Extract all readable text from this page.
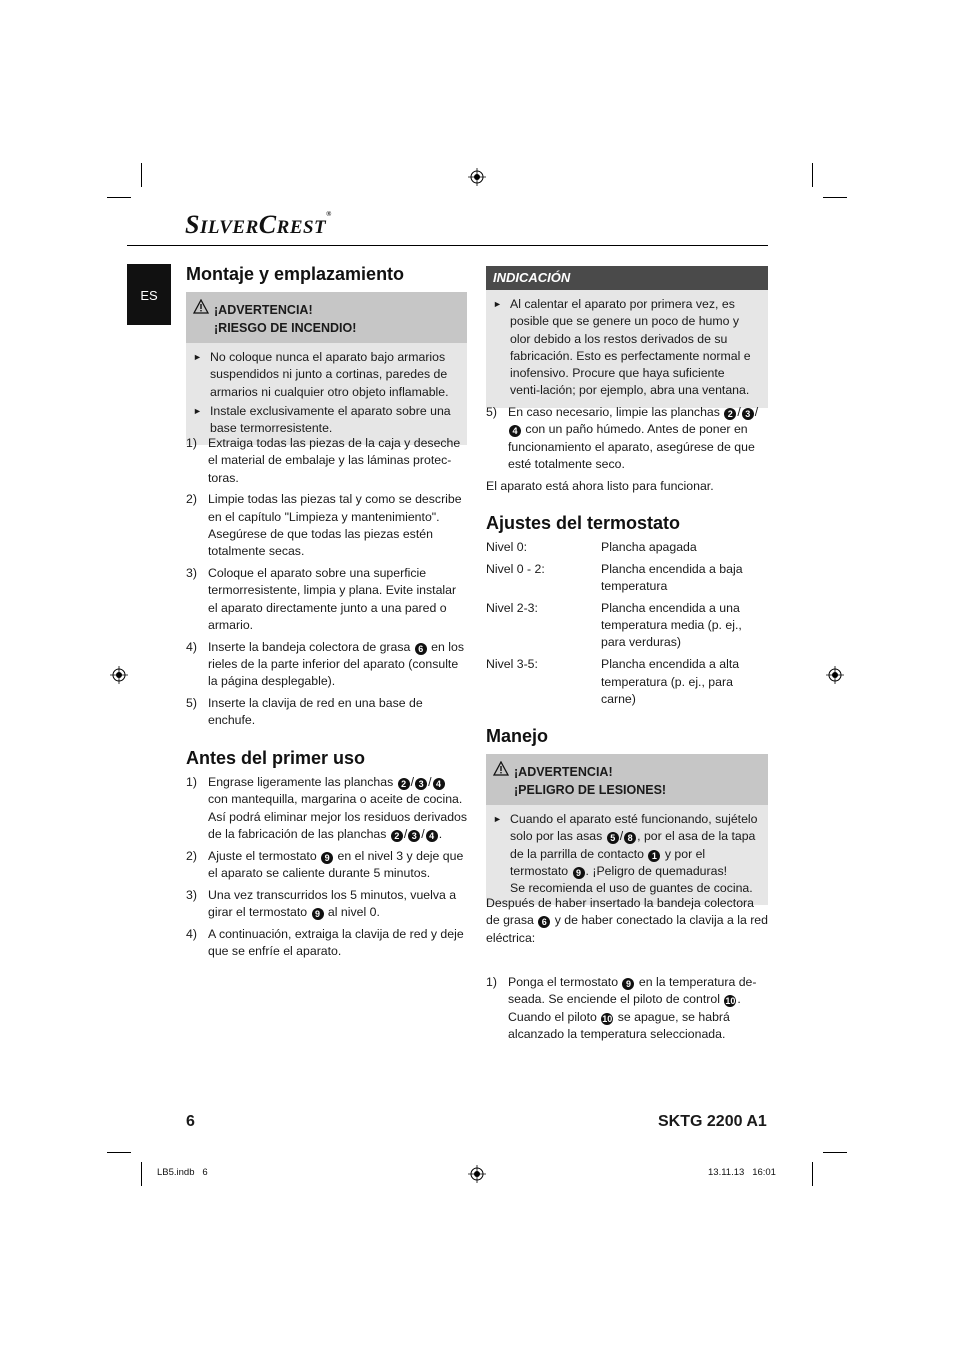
SILVERCREST®
ES
Montaje y emplazamiento
¡ADVERTENCIA!
¡RIESGO DE INCENDIO!
► No coloque nunca el aparato bajo armarios suspendidos ni junto a cortinas, paredes de armarios ni cualquier otro objeto inflamable.
► Instale exclusivamente el aparato sobre una base termorresistente.
1) Extraiga todas las piezas de la caja y deseche el material de embalaje y las láminas protec-toras.
2) Limpie todas las piezas tal y como se describe en el capítulo "Limpieza y mantenimiento". Asegúrese de que todas las piezas estén totalmente secas.
3) Coloque el aparato sobre una superficie termorresistente, limpia y plana. Evite instalar el aparato directamente junto a una pared o armario.
4) Inserte la bandeja colectora de grasa 6 en los rieles de la parte inferior del aparato (consulte la página desplegable).
5) Inserte la clavija de red en una base de enchufe.
Antes del primer uso
1) Engrase ligeramente las planchas 2 / 3 / 4 con mantequilla, margarina o aceite de cocina. Así podrá eliminar mejor los residuos derivados de la fabricación de las planchas 2 / 3 / 4 .
2) Ajuste el termostato 9 en el nivel 3 y deje que el aparato se caliente durante 5 minutos.
3) Una vez transcurridos los 5 minutos, vuelva a girar el termostato 9 al nivel 0.
4) A continuación, extraiga la clavija de red y deje que se enfríe el aparato.
INDICACIÓN
► Al calentar el aparato por primera vez, es posible que se genere un poco de humo y olor debido a los restos derivados de su fabricación. Esto es perfectamente normal e inofensivo. Procure que haya suficiente venti-lación; por ejemplo, abra una ventana.
5) En caso necesario, limpie las planchas 2 / 3 /4 con un paño húmedo. Antes de poner en funcionamiento el aparato, asegúrese de que esté totalmente seco.
El aparato está ahora listo para funcionar.
Ajustes del termostato
Nivel 0:	Plancha apagada
Nivel 0 - 2:	Plancha encendida a baja temperatura
Nivel 2-3:	Plancha encendida a una temperatura media (p. ej., para verduras)
Nivel 3-5:	Plancha encendida a alta temperatura (p. ej., para carne)
Manejo
¡ADVERTENCIA!
¡PELIGRO DE LESIONES!
► Cuando el aparato esté funcionando, sujételo solo por las asas 5 / 8 , por el asa de la tapa de la parrilla de contacto 1 y por el termostato 9 . ¡Peligro de quemaduras!
Se recomienda el uso de guantes de cocina.
Después de haber insertado la bandeja colectora de grasa 6 y de haber conectado la clavija a la red eléctrica:
1) Ponga el termostato 9 en la temperatura de-seada. Se enciende el piloto de control 10 . Cuando el piloto 10 se apague, se habrá alcanzado la temperatura seleccionada.
6	SKTG 2200 A1
LB5.indb   6	13.11.13   16:01
